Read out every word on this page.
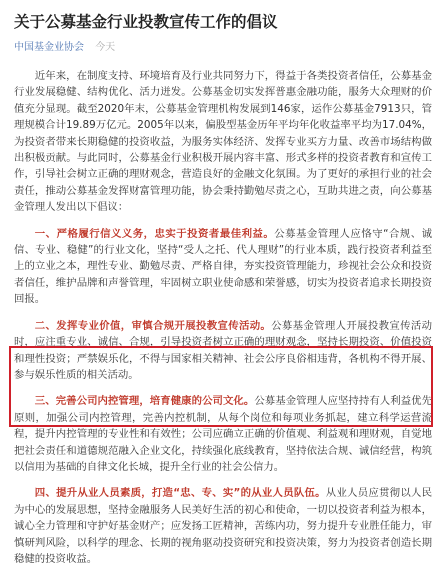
关于公募基金行业投教宣传工作的倡议
中国基金业协会 今天

近年来，在制度支持、环境培育及行业共同努力下，得益于各类投资者信任，公募基金行业发展稳健、结构优化、活力迸发。公募基金切实发挥普惠金融功能，服务大众理财的价值充分显现。截至2020年末，公募基金管理机构发展到146家，运作公募基金7913只，管理规模合计19.89万亿元。2005年以来，偏股型基金历年平均年化收益率平均为17.04%，为投资者带来长期稳健的投资收益，为服务实体经济、发挥专业买方力量、改善市场结构做出积极贡献。与此同时，公募基金行业积极开展内容丰富、形式多样的投资者教育和宣传工作，引导社会树立正确的理财观念，营造良好的金融文化氛围。为了更好的承担行业的社会责任，推动公募基金发挥财富管理功能，协会秉持勤勉尽责之心，互助共进之责，向公募基金管理人发出以下倡议：

一、严格履行信义义务，忠实于投资者最佳利益。公募基金管理人应恪守“合规、诚信、专业、稳健”的行业文化，坚持“受人之托、代人理财”的行业本质，践行投资者利益至上的立业之本，理性专业、勤勉尽责、严格自律，夯实投资管理能力，珍视社会公众和投资者信任，维护品牌和声誉管理，牢固树立职业使命感和荣誉感，切实为投资者追求长期投资回报。

二、发挥专业价值，审慎合规开展投教宣传活动。公募基金管理人开展投教宣传活动时，应注重专业、诚信、合规，引导投资者树立正确的理财观念，坚持长期投资、价值投资和理性投资；严禁娱乐化，不得与国家相关精神、社会公序良俗相违背，各机构不得开展、参与娱乐性质的相关活动。

三、完善公司内控管理，培育健康的公司文化。公募基金管理人应坚持持有人利益优先原则，加强公司内控管理，完善内控机制，从每个岗位和每项业务抓起，建立科学运营流程，提升内控管理的专业性和有效性；公司应确立正确的价值观、利益观和理财观，自觉地把社会责任和道德规范融入企业文化，持续强化底线教育，坚持依法合规、诚信经营，构筑以信用为基础的自律文化长城，提升全行业的社会公信力。

四、提升从业人员素质，打造“忠、专、实”的从业人员队伍。从业人员应贯彻以人民为中心的发展思想，坚持金融服务人民美好生活的初心和使命，一切以投资者利益为根本，诚心全力管理和守护好基金财产；应发扬工匠精神，苦练内功，努力提升专业胜任能力，审慎研判风险，以科学的理念、长期的视角驱动投资研究和投资决策，努力为投资者创造长期稳健的投资收益。
